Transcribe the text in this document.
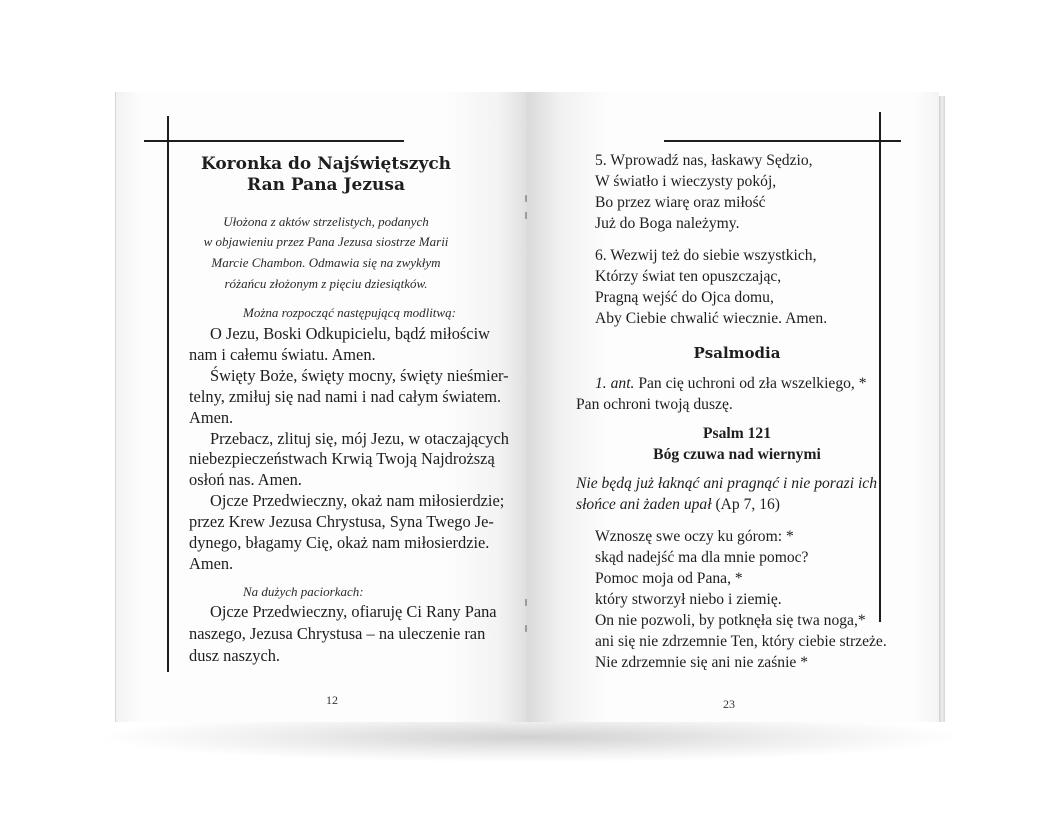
Koronka do Najświętszych
Ran Pana Jezusa
Ułożona z aktów strzelistych, podanych
w objawieniu przez Pana Jezusa siostrze Marii
Marcie Chambon. Odmawia się na zwykłym
różańcu złożonym z pięciu dziesiątków.
Można rozpocząć następującą modlitwą:
O Jezu, Boski Odkupicielu, bądź miłościw
nam i całemu światu. Amen.
Święty Boże, święty mocny, święty nieśmier-
telny, zmiłuj się nad nami i nad całym światem.
Amen.
Przebacz, zlituj się, mój Jezu, w otaczających
niebezpieczeństwach Krwią Twoją Najdroższą
osłoń nas. Amen.
Ojcze Przedwieczny, okaż nam miłosierdzie;
przez Krew Jezusa Chrystusa, Syna Twego Je-
dynego, błagamy Cię, okaż nam miłosierdzie.
Amen.
Na dużych paciorkach:
Ojcze Przedwieczny, ofiaruję Ci Rany Pana
naszego, Jezusa Chrystusa – na uleczenie ran
dusz naszych.
12
5. Wprowadź nas, łaskawy Sędzio,
W światło i wieczysty pokój,
Bo przez wiarę oraz miłość
Już do Boga należymy.
6. Wezwij też do siebie wszystkich,
Którzy świat ten opuszczając,
Pragną wejść do Ojca domu,
Aby Ciebie chwalić wiecznie. Amen.
Psalmodia
1. ant. Pan cię uchroni od zła wszelkiego, *
Pan ochroni twoją duszę.
Psalm 121
Bóg czuwa nad wiernymi
Nie będą już łaknąć ani pragnąć i nie porazi ich
słońce ani żaden upał (Ap 7, 16)
Wznoszę swe oczy ku górom: *
skąd nadejść ma dla mnie pomoc?
Pomoc moja od Pana, *
który stworzył niebo i ziemię.
On nie pozwoli, by potknęła się twa noga,*
ani się nie zdrzemnie Ten, który ciebie strzeże.
Nie zdrzemnie się ani nie zaśnie *
23
